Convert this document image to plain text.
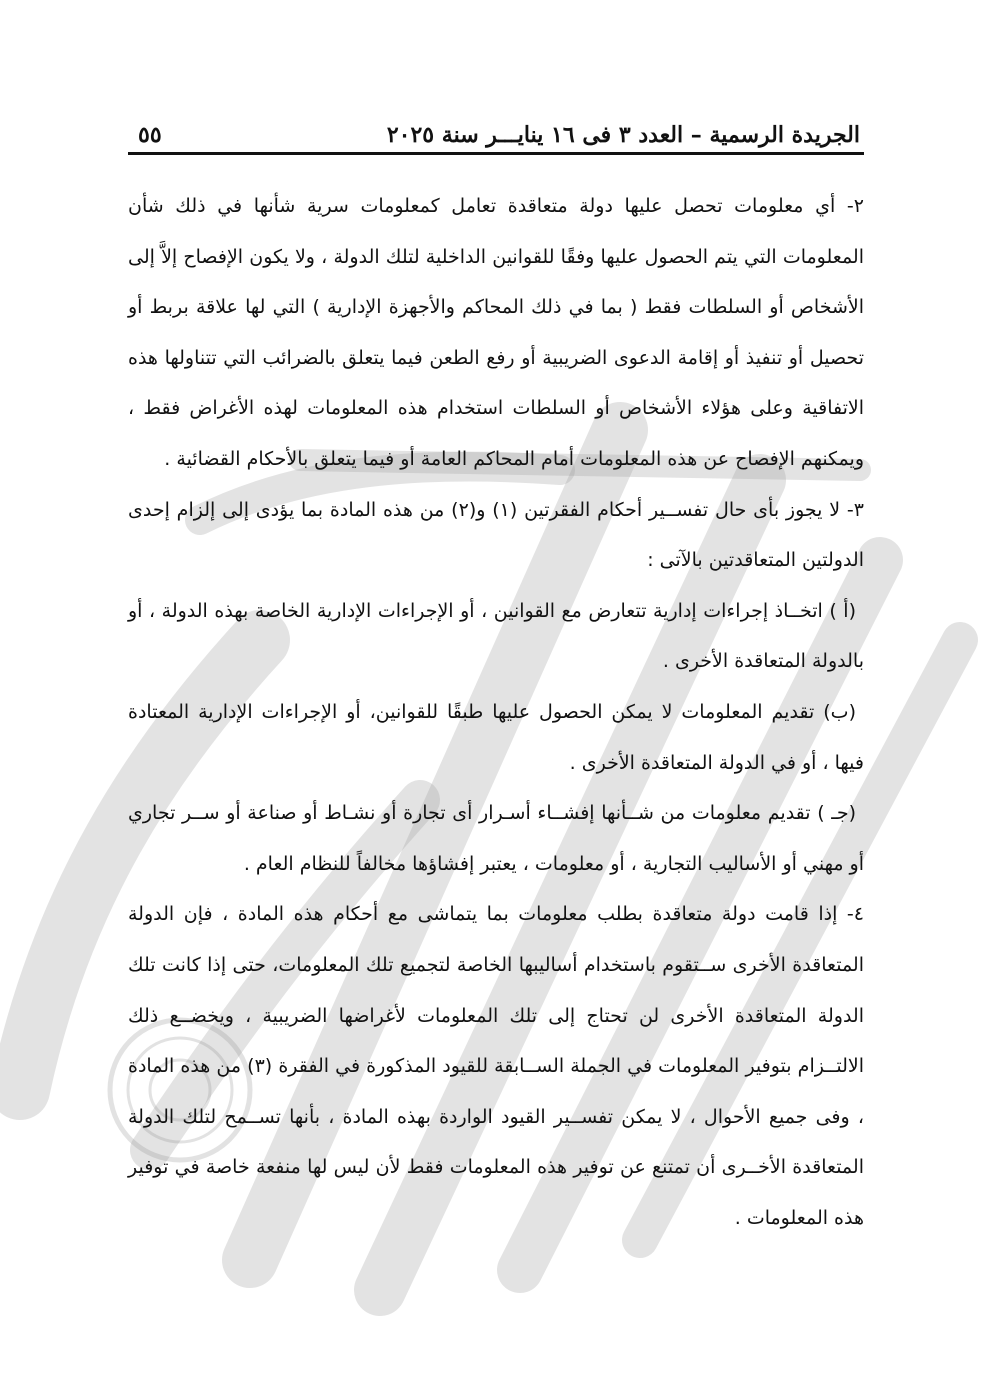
الجريدة الرسمية – العدد ٣ فى ١٦ ينايـــر سنة ٢٠٢٥
٥٥

٢- أي معلومات تحصل عليها دولة متعاقدة تعامل كمعلومات سرية شأنها في ذلك شأن المعلومات التي يتم الحصول عليها وفقًا للقوانين الداخلية لتلك الدولة ، ولا يكون الإفصاح إلاَّ إلى الأشخاص أو السلطات فقط ( بما في ذلك المحاكم والأجهزة الإدارية ) التي لها علاقة بربط أو تحصيل أو تنفيذ أو إقامة الدعوى الضريبية أو رفع الطعن فيما يتعلق بالضرائب التي تتناولها هذه الاتفاقية وعلى هؤلاء الأشخاص أو السلطات استخدام هذه المعلومات لهذه الأغراض فقط ، ويمكنهم الإفصاح عن هذه المعلومات أمام المحاكم العامة أو فيما يتعلق بالأحكام القضائية .

٣- لا يجوز بأى حال تفســير أحكام الفقرتين (١) و(٢) من هذه المادة بما يؤدى إلى إلزام إحدى الدولتين المتعاقدتين بالآتى :

(أ ) اتخــاذ إجراءات إدارية تتعارض مع القوانين ، أو الإجراءات الإدارية الخاصة بهذه الدولة ، أو بالدولة المتعاقدة الأخرى .

(ب) تقديم المعلومات لا يمكن الحصول عليها طبقًا للقوانين، أو الإجراءات الإدارية المعتادة فيها ، أو في الدولة المتعاقدة الأخرى .

(جـ ) تقديم معلومات من شــأنها إفشــاء أسـرار أى تجارة أو نشـاط أو صناعة أو ســر تجاري أو مهني أو الأساليب التجارية ، أو معلومات ، يعتبر إفشاؤها مخالفاً للنظام العام .

٤- إذا قامت دولة متعاقدة بطلب معلومات بما يتماشى مع أحكام هذه المادة ، فإن الدولة المتعاقدة الأخرى ســتقوم باستخدام أساليبها الخاصة لتجميع تلك المعلومات، حتى إذا كانت تلك الدولة المتعاقدة الأخرى لن تحتاج إلى تلك المعلومات لأغراضها الضريبية ، ويخضــع ذلك الالتــزام بتوفير المعلومات في الجملة الســابقة للقيود المذكورة في الفقرة (٣) من هذه المادة ، وفى جميع الأحوال ، لا يمكن تفســير القيود الواردة بهذه المادة ، بأنها تســمح لتلك الدولة المتعاقدة الأخــرى أن تمتنع عن توفير هذه المعلومات فقط لأن ليس لها منفعة خاصة في توفير هذه المعلومات .
